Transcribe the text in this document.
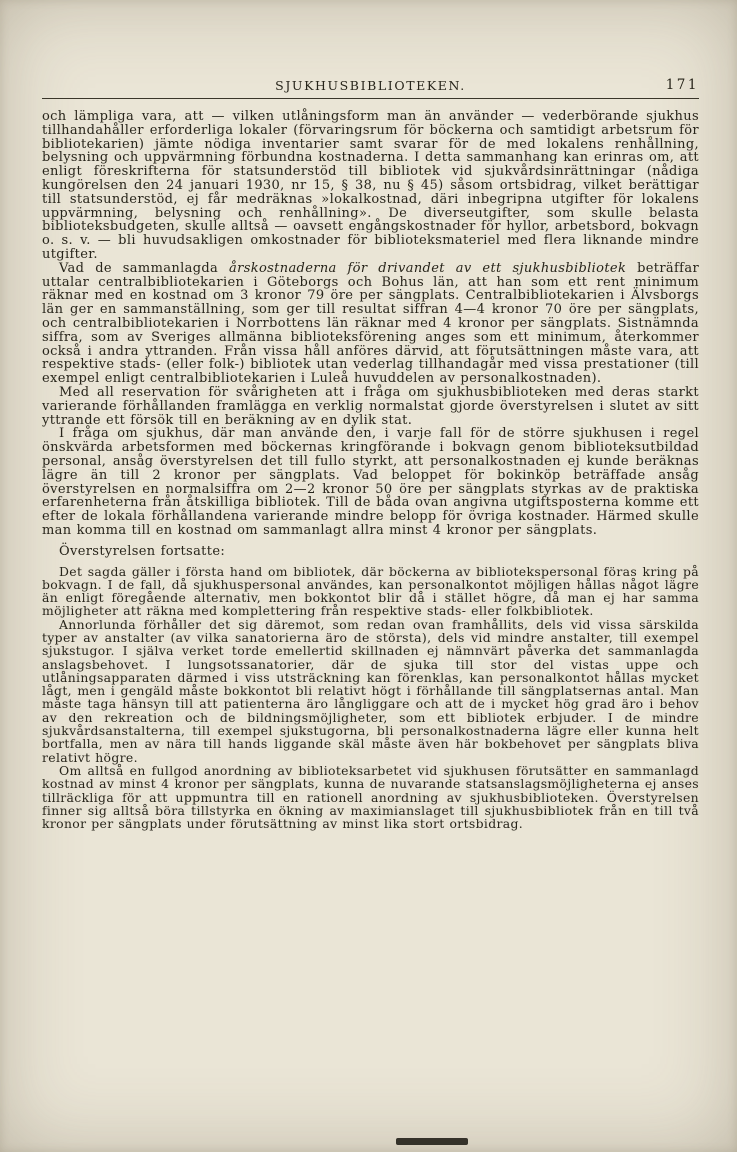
SJUKHUSBIBLIOTEKEN.	171

och lämpliga vara, att — vilken utlåningsform man än använder — vederbörande sjukhus tillhandahåller erforderliga lokaler (förvaringsrum för böckerna och samtidigt arbetsrum för bibliotekarien) jämte nödiga inventarier samt svarar för de med lokalens renhållning, belysning och uppvärmning förbundna kostnaderna. I detta sammanhang kan erinras om, att enligt föreskrifterna för statsunderstöd till bibliotek vid sjukvårdsinrättningar (nådiga kungörelsen den 24 januari 1930, nr 15, § 38, nu § 45) såsom ortsbidrag, vilket berättigar till statsunderstöd, ej får medräknas »lokalkostnad, däri inbegripna utgifter för lokalens uppvärmning, belysning och renhållning». De diverseutgifter, som skulle belasta biblioteksbudgeten, skulle alltså — oavsett engångskostnader för hyllor, arbetsbord, bokvagn o. s. v. — bli huvudsakligen omkostnader för biblioteksmateriel med flera liknande mindre utgifter.

Vad de sammanlagda årskostnaderna för drivandet av ett sjukhusbibliotek beträffar uttalar centralbibliotekarien i Göteborgs och Bohus län, att han som ett rent minimum räknar med en kostnad om 3 kronor 79 öre per sängplats. Centralbibliotekarien i Älvsborgs län ger en sammanställning, som ger till resultat siffran 4—4 kronor 70 öre per sängplats, och centralbibliotekarien i Norrbottens län räknar med 4 kronor per sängplats. Sistnämnda siffra, som av Sveriges allmänna biblioteksförening anges som ett minimum, återkommer också i andra yttranden. Från vissa håll anföres därvid, att förutsättningen måste vara, att respektive stads- (eller folk-) bibliotek utan vederlag tillhandagår med vissa prestationer (till exempel enligt centralbibliotekarien i Luleå huvuddelen av personalkostnaden).

Med all reservation för svårigheten att i fråga om sjukhusbiblioteken med deras starkt varierande förhållanden framlägga en verklig normalstat gjorde överstyrelsen i slutet av sitt yttrande ett försök till en beräkning av en dylik stat.

I fråga om sjukhus, där man använde den, i varje fall för de större sjukhusen i regel önskvärda arbetsformen med böckernas kringförande i bokvagn genom biblioteksutbildad personal, ansåg överstyrelsen det till fullo styrkt, att personalkostnaden ej kunde beräknas lägre än till 2 kronor per sängplats. Vad beloppet för bokinköp beträffade ansåg överstyrelsen en normalsiffra om 2—2 kronor 50 öre per sängplats styrkas av de praktiska erfarenheterna från åtskilliga bibliotek. Till de båda ovan angivna utgiftsposterna komme ett efter de lokala förhållandena varierande mindre belopp för övriga kostnader. Härmed skulle man komma till en kostnad om sammanlagt allra minst 4 kronor per sängplats.

Överstyrelsen fortsatte:

Det sagda gäller i första hand om bibliotek, där böckerna av bibliotekspersonal föras kring på bokvagn. I de fall, då sjukhuspersonal användes, kan personalkontot möjligen hållas något lägre än enligt föregående alternativ, men bokkontot blir då i stället högre, då man ej har samma möjligheter att räkna med komplettering från respektive stads- eller folkbibliotek.

Annorlunda förhåller det sig däremot, som redan ovan framhållits, dels vid vissa särskilda typer av anstalter (av vilka sanatorierna äro de största), dels vid mindre anstalter, till exempel sjukstugor. I själva verket torde emellertid skillnaden ej nämnvärt påverka det sammanlagda anslagsbehovet. I lungsotssanatorier, där de sjuka till stor del vistas uppe och utlåningsapparaten därmed i viss utsträckning kan förenklas, kan personalkontot hållas mycket lågt, men i gengäld måste bokkontot bli relativt högt i förhållande till sängplatsernas antal. Man måste taga hänsyn till att patienterna äro långliggare och att de i mycket hög grad äro i behov av den rekreation och de bildningsmöjligheter, som ett bibliotek erbjuder. I de mindre sjukvårdsanstalterna, till exempel sjukstugorna, bli personalkostnaderna lägre eller kunna helt bortfalla, men av nära till hands liggande skäl måste även här bokbehovet per sängplats bliva relativt högre.

Om alltså en fullgod anordning av biblioteksarbetet vid sjukhusen förutsätter en sammanlagd kostnad av minst 4 kronor per sängplats, kunna de nuvarande statsanslagsmöjligheterna ej anses tillräckliga för att uppmuntra till en rationell anordning av sjukhusbiblioteken. Överstyrelsen finner sig alltså böra tillstyrka en ökning av maximianslaget till sjukhusbibliotek från en till två kronor per sängplats under förutsättning av minst lika stort ortsbidrag.
